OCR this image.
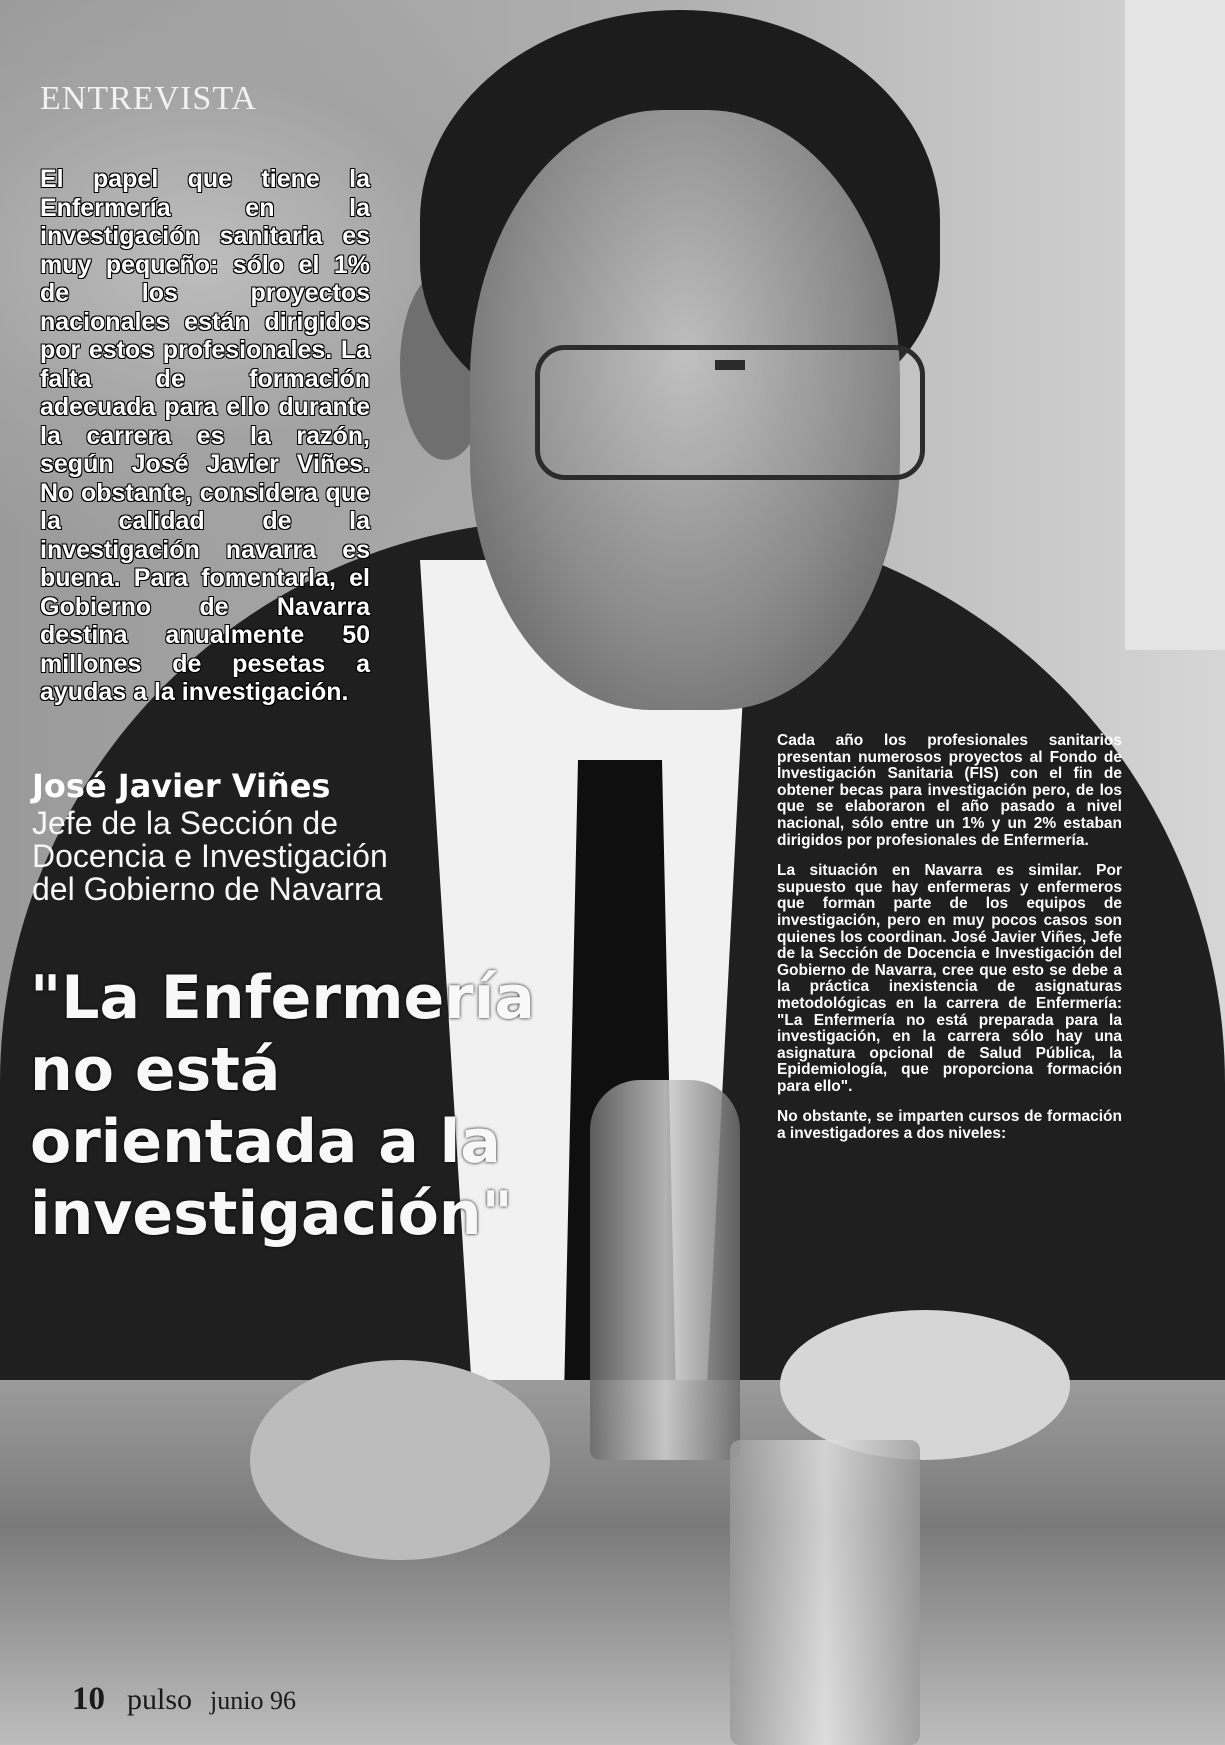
ENTREVISTA

El papel que tiene la Enfermería en la investigación sanitaria es muy pequeño: sólo el 1% de los proyectos nacionales están dirigidos por estos profesionales. La falta de formación adecuada para ello durante la carrera es la razón, según José Javier Viñes. No obstante, considera que la calidad de la investigación navarra es buena. Para fomentarla, el Gobierno de Navarra destina anualmente 50 millones de pesetas a ayudas a la investigación.

José Javier Viñes
Jefe de la Sección de Docencia e Investigación del Gobierno de Navarra
"La Enfermería no está orientada a la investigación"

Cada año los profesionales sanitarios presentan numerosos proyectos al Fondo de Investigación Sanitaria (FIS) con el fin de obtener becas para investigación pero, de los que se elaboraron el año pasado a nivel nacional, sólo entre un 1% y un 2% estaban dirigidos por profesionales de Enfermería.

La situación en Navarra es similar. Por supuesto que hay enfermeras y enfermeros que forman parte de los equipos de investigación, pero en muy pocos casos son quienes los coordinan. José Javier Viñes, Jefe de la Sección de Docencia e Investigación del Gobierno de Navarra, cree que esto se debe a la práctica inexistencia de asignaturas metodológicas en la carrera de Enfermería: "La Enfermería no está preparada para la investigación, en la carrera sólo hay una asignatura opcional de Salud Pública, la Epidemiología, que proporciona formación para ello".

No obstante, se imparten cursos de formación a investigadores a dos niveles:

10 pulso junio 96
